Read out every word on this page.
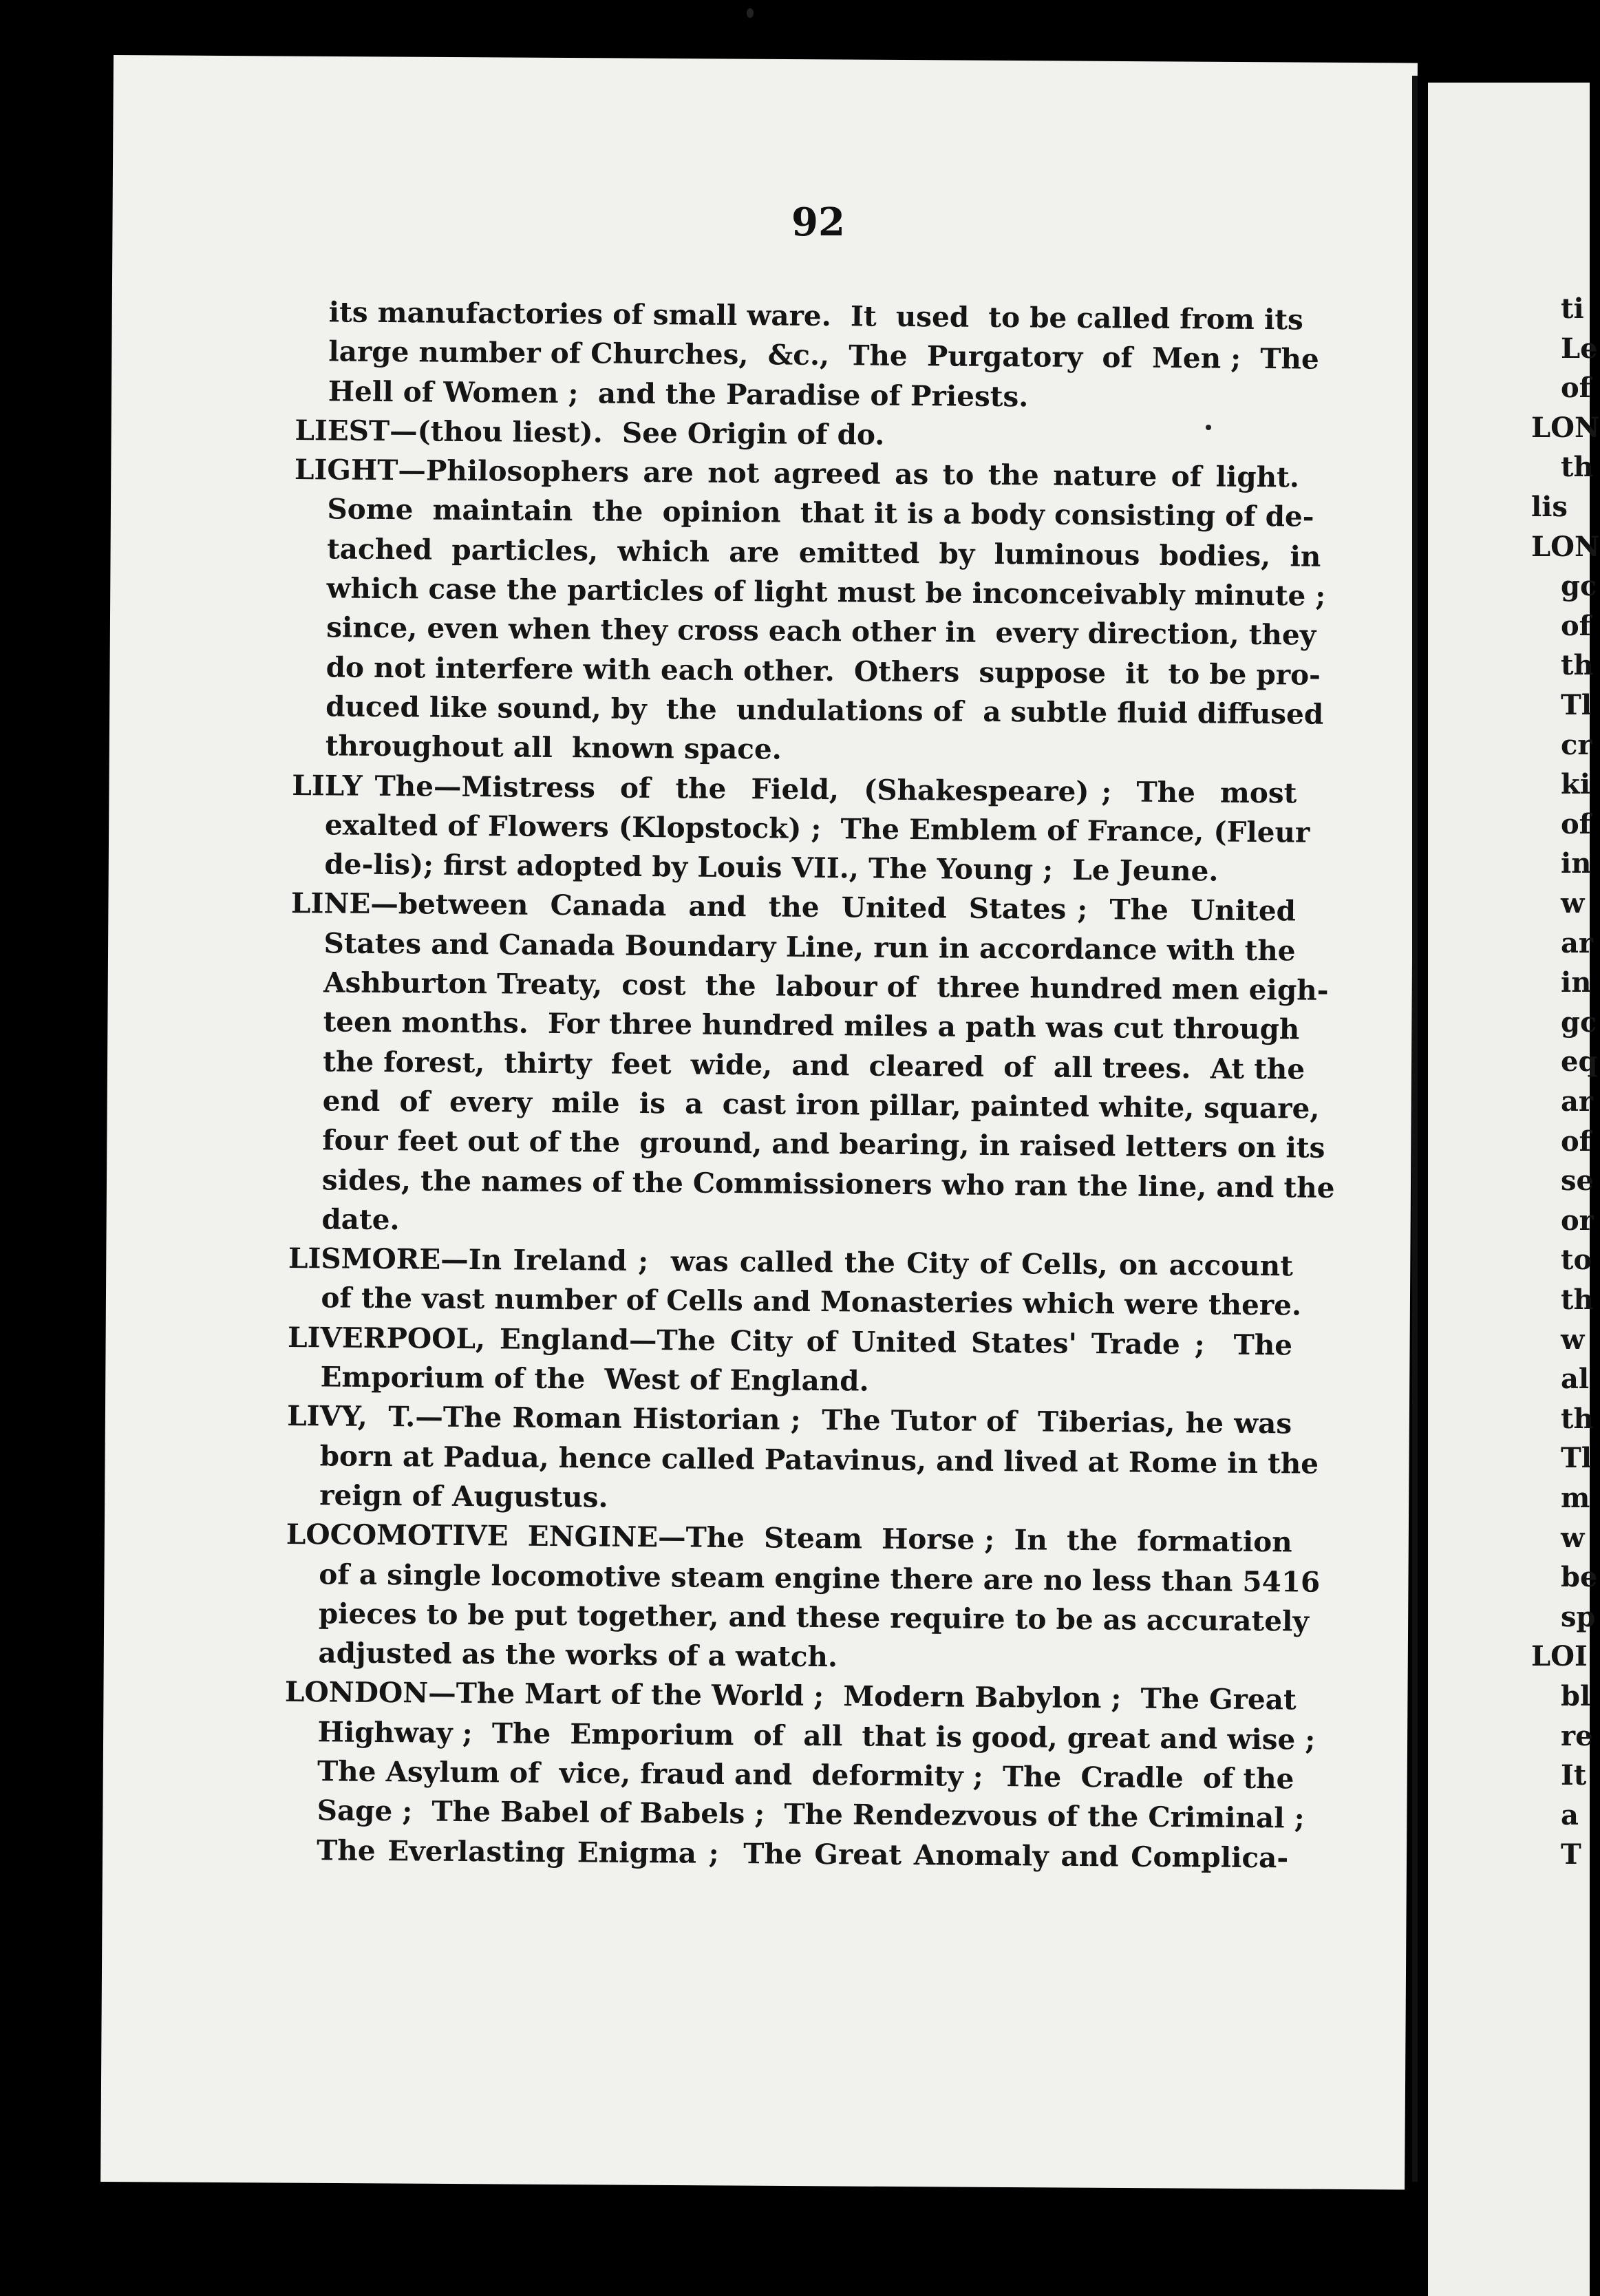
92
its manufactories of small ware.  It  used  to be called from its
large number of Churches,  &c.,  The  Purgatory  of  Men ;  The
Hell of Women ;  and the Paradise of Priests.
LIEST—(thou liest).  See Origin of do.
LIGHT—Philosophers are not agreed as to the nature of light.
Some  maintain  the  opinion  that it is a body consisting of de-
tached  particles,  which  are  emitted  by  luminous  bodies,  in
which case the particles of light must be inconceivably minute ;
since, even when they cross each other in  every direction, they
do not interfere with each other.  Others  suppose  it  to be pro-
duced like sound, by  the  undulations of  a subtle fluid diffused
throughout all  known space.
LILY The—Mistress  of  the  Field,  (Shakespeare) ;  The  most
exalted of Flowers (Klopstock) ;  The Emblem of France, (Fleur
de-lis); first adopted by Louis VII., The Young ;  Le Jeune.
LINE—between  Canada  and  the  United  States ;  The  United
States and Canada Boundary Line, run in accordance with the
Ashburton Treaty,  cost  the  labour of  three hundred men eigh-
teen months.  For three hundred miles a path was cut through
the forest,  thirty  feet  wide,  and  cleared  of  all trees.  At the
end  of  every  mile  is  a  cast iron pillar, painted white, square,
four feet out of the  ground, and bearing, in raised letters on its
sides, the names of the Commissioners who ran the line, and the
date.
LISMORE—In Ireland ;  was called the City of Cells, on account
of the vast number of Cells and Monasteries which were there.
LIVERPOOL, England—The City of United States' Trade ;  The
Emporium of the  West of England.
LIVY,  T.—The Roman Historian ;  The Tutor of  Tiberias, he was
born at Padua, hence called Patavinus, and lived at Rome in the
reign of Augustus.
LOCOMOTIVE  ENGINE—The  Steam  Horse ;  In  the  formation
of a single locomotive steam engine there are no less than 5416
pieces to be put together, and these require to be as accurately
adjusted as the works of a watch.
LONDON—The Mart of the World ;  Modern Babylon ;  The Great
Highway ;  The  Emporium  of  all  that is good, great and wise ;
The Asylum of  vice, fraud and  deformity ;  The  Cradle  of the
Sage ;  The Babel of Babels ;  The Rendezvous of the Criminal ;
The Everlasting Enigma ;  The Great Anomaly and Complica-
ti
Le
of
LON
th
lis
LON
gc
of
th
Tl
cr
ki
of
in
w
ar
in
gc
eq
ar
of
se
or
to
th
w
al
th
Tl
m
w
be
sp
LOI
bl
re
It
a
T
